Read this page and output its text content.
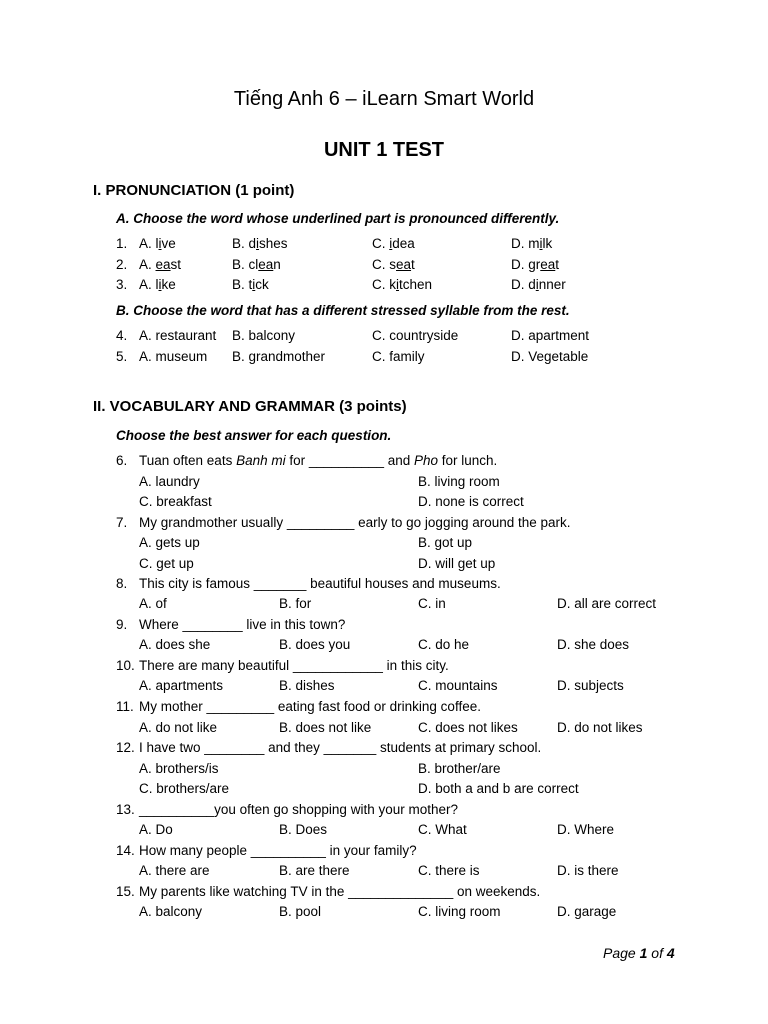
Tiếng Anh 6 – iLearn Smart World
UNIT 1 TEST
I. PRONUNCIATION (1 point)
A. Choose the word whose underlined part is pronounced differently.
1. A. live	B. dishes	C. idea	D. milk
2. A. east	B. clean	C. seat	D. great
3. A. like	B. tick	C. kitchen	D. dinner
B. Choose the word that has a different stressed syllable from the rest.
4. A. restaurant B. balcony	C. countryside	D. apartment
5. A. museum B. grandmother	C. family	D. Vegetable
II. VOCABULARY AND GRAMMAR (3 points)
Choose the best answer for each question.
6. Tuan often eats Banh mi for __________ and Pho for lunch.
A. laundry	B. living room
C. breakfast	D. none is correct
7. My grandmother usually _________ early to go jogging around the park.
A. gets up	B. got up
C. get up	D. will get up
8. This city is famous _______ beautiful houses and museums.
A. of	B. for	C. in	D. all are correct
9. Where ________ live in this town?
A. does she	B. does you	C. do he	D. she does
10. There are many beautiful ____________ in this city.
A. apartments	B. dishes	C. mountains	D. subjects
11. My mother _________ eating fast food or drinking coffee.
A. do not like	B. does not like	C. does not likes	D. do not likes
12. I have two ________ and they _______ students at primary school.
A. brothers/is	B. brother/are
C. brothers/are	D. both a and b are correct
13. __________you often go shopping with your mother?
A. Do	B. Does	C. What	D. Where
14. How many people __________ in your family?
A. there are	B. are there	C. there is	D. is there
15. My parents like watching TV in the ______________ on weekends.
A. balcony	B. pool	C. living room	D. garage
Page 1 of 4
